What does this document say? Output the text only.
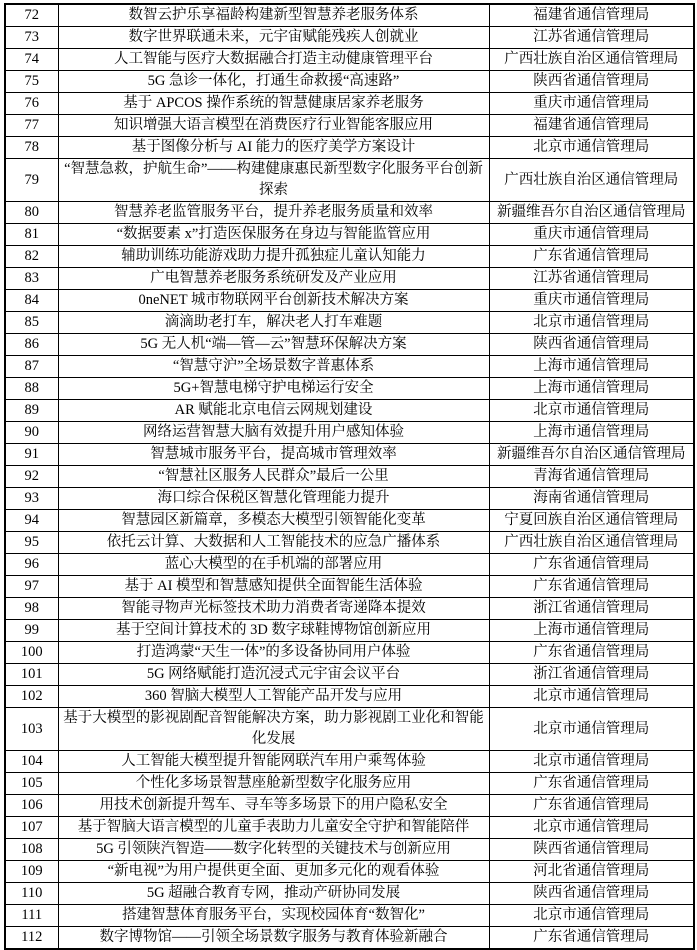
72	数智云护乐享福龄构建新型智慧养老服务体系	福建省通信管理局
73	数字世界联通未来，元宇宙赋能残疾人创就业	江苏省通信管理局
74	人工智能与医疗大数据融合打造主动健康管理平台	广西壮族自治区通信管理局
75	5G 急诊一体化，打通生命救援“高速路”	陕西省通信管理局
76	基于 APCOS 操作系统的智慧健康居家养老服务	重庆市通信管理局
77	知识增强大语言模型在消费医疗行业智能客服应用	福建省通信管理局
78	基于图像分析与 AI 能力的医疗美学方案设计	北京市通信管理局
79	“智慧急救，护航生命”——构建健康惠民新型数字化服务平台创新探索	广西壮族自治区通信管理局
80	智慧养老监管服务平台，提升养老服务质量和效率	新疆维吾尔自治区通信管理局
81	“数据要素 x”打造医保服务在身边与智能监管应用	重庆市通信管理局
82	辅助训练功能游戏助力提升孤独症儿童认知能力	广东省通信管理局
83	广电智慧养老服务系统研发及产业应用	江苏省通信管理局
84	0neNET 城市物联网平台创新技术解决方案	重庆市通信管理局
85	滴滴助老打车，解决老人打车难题	北京市通信管理局
86	5G 无人机“端—管—云”智慧环保解决方案	陕西省通信管理局
87	“智慧守沪”全场景数字普惠体系	上海市通信管理局
88	5G+智慧电梯守护电梯运行安全	上海市通信管理局
89	AR 赋能北京电信云网规划建设	北京市通信管理局
90	网络运营智慧大脑有效提升用户感知体验	上海市通信管理局
91	智慧城市服务平台，提高城市管理效率	新疆维吾尔自治区通信管理局
92	“智慧社区服务人民群众”最后一公里	青海省通信管理局
93	海口综合保税区智慧化管理能力提升	海南省通信管理局
94	智慧园区新篇章，多模态大模型引领智能化变革	宁夏回族自治区通信管理局
95	依托云计算、大数据和人工智能技术的应急广播体系	广西壮族自治区通信管理局
96	蓝心大模型的在手机端的部署应用	广东省通信管理局
97	基于 AI 模型和智慧感知提供全面智能生活体验	广东省通信管理局
98	智能寻物声光标签技术助力消费者寄递降本提效	浙江省通信管理局
99	基于空间计算技术的 3D 数字球鞋博物馆创新应用	上海市通信管理局
100	打造鸿蒙“天生一体”的多设备协同用户体验	广东省通信管理局
101	5G 网络赋能打造沉浸式元宇宙会议平台	浙江省通信管理局
102	360 智脑大模型人工智能产品开发与应用	北京市通信管理局
103	基于大模型的影视剧配音智能解决方案，助力影视剧工业化和智能化发展	北京市通信管理局
104	人工智能大模型提升智能网联汽车用户乘驾体验	北京市通信管理局
105	个性化多场景智慧座舱新型数字化服务应用	广东省通信管理局
106	用技术创新提升驾车、寻车等多场景下的用户隐私安全	广东省通信管理局
107	基于智脑大语言模型的儿童手表助力儿童安全守护和智能陪伴	北京市通信管理局
108	5G 引领陕汽智造——数字化转型的关键技术与创新应用	陕西省通信管理局
109	“新电视”为用户提供更全面、更加多元化的观看体验	河北省通信管理局
110	5G 超融合教育专网，推动产研协同发展	陕西省通信管理局
111	搭建智慧体育服务平台，实现校园体育“数智化”	北京市通信管理局
112	数字博物馆——引领全场景数字服务与教育体验新融合	广东省通信管理局
